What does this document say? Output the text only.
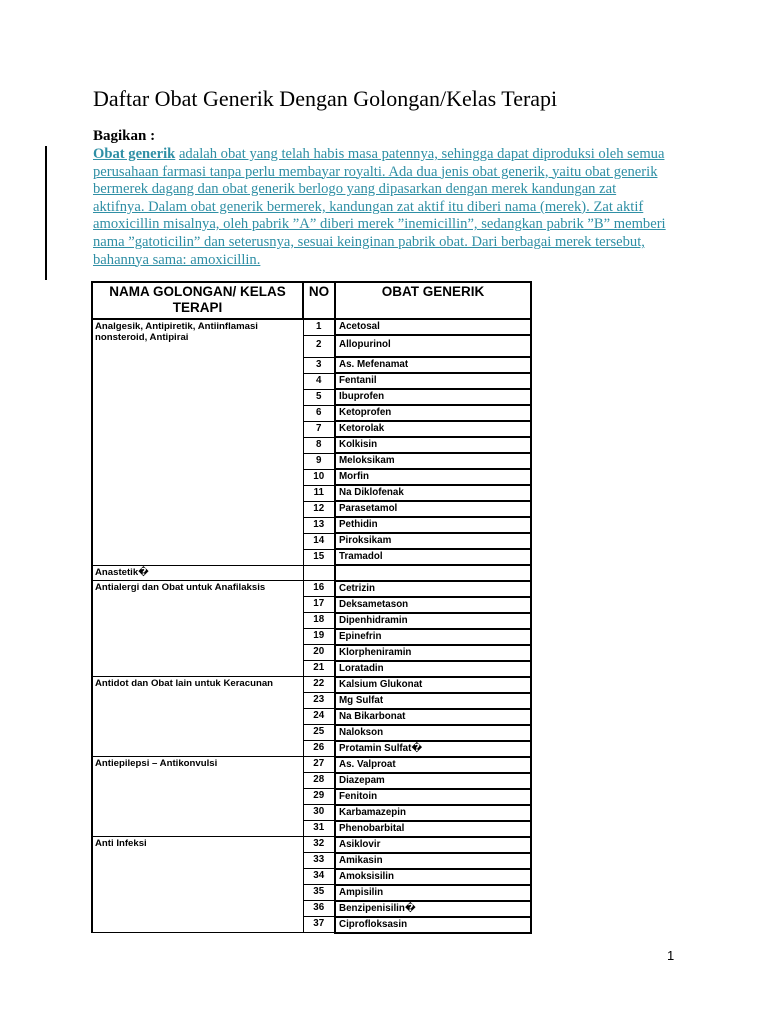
Daftar Obat Generik Dengan Golongan/Kelas Terapi

Bagikan :

Obat generik adalah obat yang telah habis masa patennya, sehingga dapat diproduksi oleh semua perusahaan farmasi tanpa perlu membayar royalti. Ada dua jenis obat generik, yaitu obat generik bermerek dagang dan obat generik berlogo yang dipasarkan dengan merek kandungan zat aktifnya. Dalam obat generik bermerek, kandungan zat aktif itu diberi nama (merek). Zat aktif amoxicillin misalnya, oleh pabrik ”A” diberi merek ”inemicillin”, sedangkan pabrik ”B” memberi nama ”gatoticilin” dan seterusnya, sesuai keinginan pabrik obat. Dari berbagai merek tersebut, bahannya sama: amoxicillin.

NAMA GOLONGAN/ KELAS TERAPI	NO	OBAT GENERIK
Analgesik, Antipiretik, Antiinflamasi nonsteroid, Antipirai	1	Acetosal
	2	Allopurinol
	3	As. Mefenamat
	4	Fentanil
	5	Ibuprofen
	6	Ketoprofen
	7	Ketorolak
	8	Kolkisin
	9	Meloksikam
	10	Morfin
	11	Na Diklofenak
	12	Parasetamol
	13	Pethidin
	14	Piroksikam
	15	Tramadol
Anastetik�		
Antialergi dan Obat untuk Anafilaksis	16	Cetrizin
	17	Deksametason
	18	Dipenhidramin
	19	Epinefrin
	20	Klorpheniramin
	21	Loratadin
Antidot dan Obat lain untuk Keracunan	22	Kalsium Glukonat
	23	Mg Sulfat
	24	Na Bikarbonat
	25	Nalokson
	26	Protamin Sulfat�
Antiepilepsi – Antikonvulsi	27	As. Valproat
	28	Diazepam
	29	Fenitoin
	30	Karbamazepin
	31	Phenobarbital
Anti Infeksi	32	Asiklovir
	33	Amikasin
	34	Amoksisilin
	35	Ampisilin
	36	Benzipenisilin�
	37	Ciprofloksasin
1
